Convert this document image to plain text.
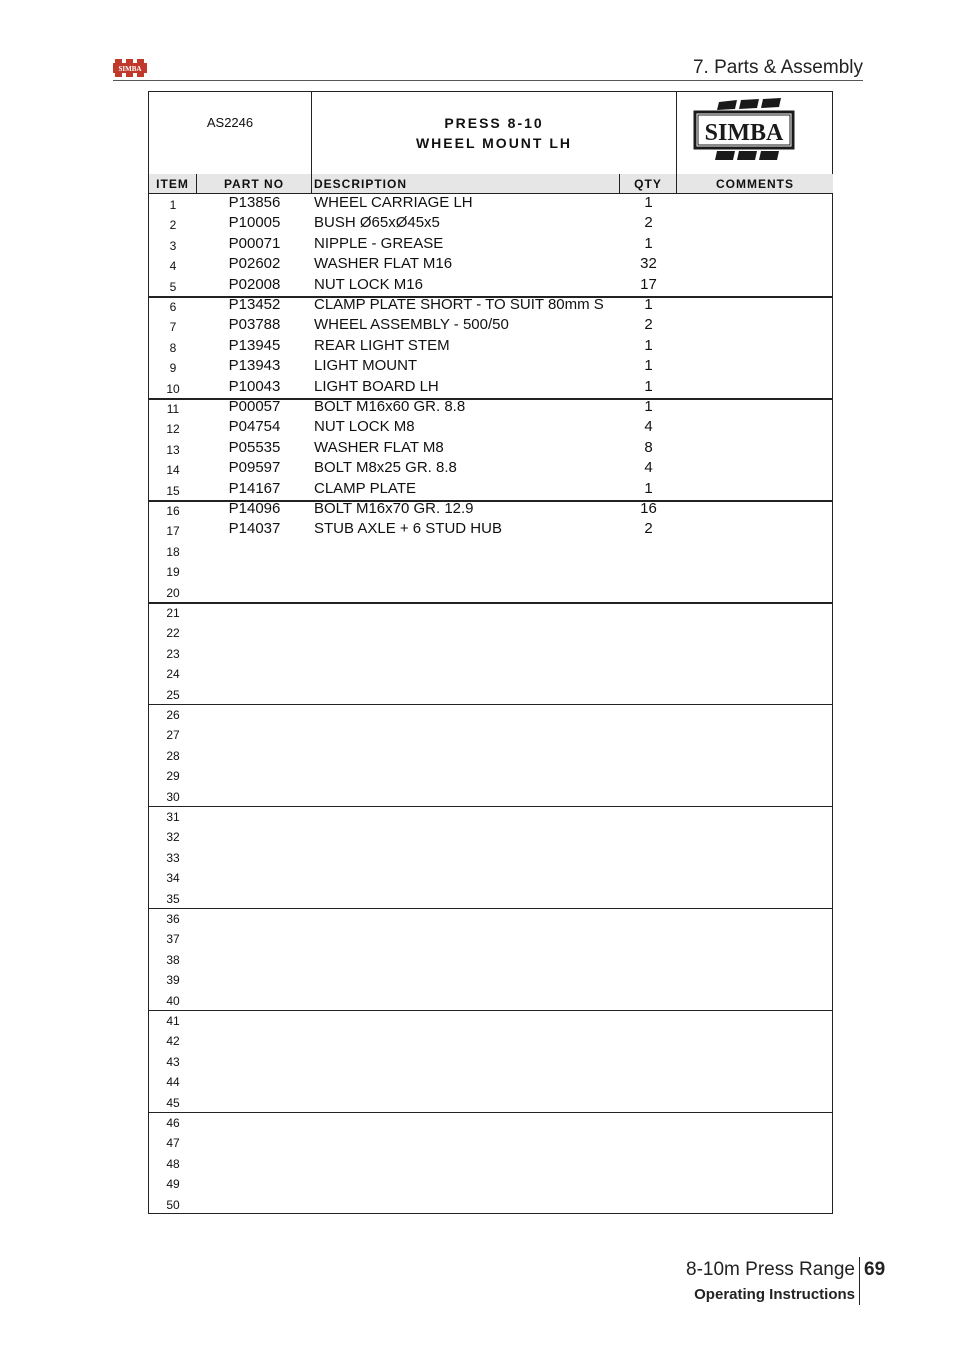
SIMBA	7. Parts & Assembly
AS2246	PRESS 8-10
WHEEL MOUNT LH	SIMBA
ITEM	PART NO	DESCRIPTION	QTY	COMMENTS
1	P13856	WHEEL CARRIAGE LH	1
2	P10005	BUSH Ø65xØ45x5	2
3	P00071	NIPPLE - GREASE	1
4	P02602	WASHER FLAT M16	32
5	P02008	NUT LOCK M16	17
6	P13452	CLAMP PLATE SHORT - TO SUIT 80mm S	1
7	P03788	WHEEL ASSEMBLY - 500/50	2
8	P13945	REAR LIGHT STEM	1
9	P13943	LIGHT MOUNT	1
10	P10043	LIGHT BOARD LH	1
11	P00057	BOLT M16x60 GR. 8.8	1
12	P04754	NUT LOCK M8	4
13	P05535	WASHER FLAT M8	8
14	P09597	BOLT M8x25 GR. 8.8	4
15	P14167	CLAMP PLATE	1
16	P14096	BOLT M16x70 GR. 12.9	16
17	P14037	STUB AXLE + 6 STUD HUB	2
18
19
20
21
22
23
24
25
26
27
28
29
30
31
32
33
34
35
36
37
38
39
40
41
42
43
44
45
46
47
48
49
50
8-10m Press Range 69
Operating Instructions
